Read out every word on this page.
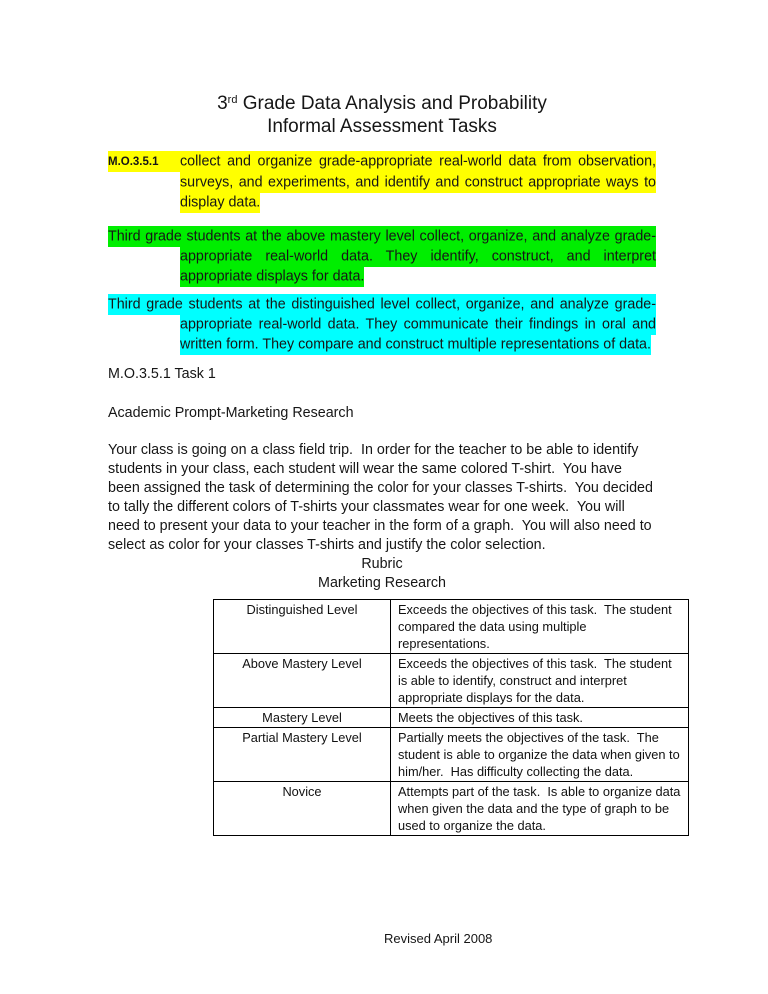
3rd Grade Data Analysis and Probability
Informal Assessment Tasks

M.O.3.5.1 collect and organize grade-appropriate real-world data from observation, surveys, and experiments, and identify and construct appropriate ways to display data.

Third grade students at the above mastery level collect, organize, and analyze grade-appropriate real-world data. They identify, construct, and interpret appropriate displays for data.

Third grade students at the distinguished level collect, organize, and analyze grade-appropriate real-world data. They communicate their findings in oral and written form. They compare and construct multiple representations of data.

M.O.3.5.1 Task 1
Academic Prompt-Marketing Research
Your class is going on a class field trip.  In order for the teacher to be able to identify students in your class, each student will wear the same colored T-shirt.  You have been assigned the task of determining the color for your classes T-shirts.  You decided to tally the different colors of T-shirts your classmates wear for one week.  You will need to present your data to your teacher in the form of a graph.  You will also need to select as color for your classes T-shirts and justify the color selection.
Rubric
Marketing Research
Distinguished Level	Exceeds the objectives of this task.  The student compared the data using multiple representations.
Above Mastery Level	Exceeds the objectives of this task.  The student is able to identify, construct and interpret appropriate displays for the data.
Mastery Level	Meets the objectives of this task.
Partial Mastery Level	Partially meets the objectives of the task.  The student is able to organize the data when given to him/her.  Has difficulty collecting the data.
Novice	Attempts part of the task.  Is able to organize data when given the data and the type of graph to be used to organize the data.
Revised April 2008
